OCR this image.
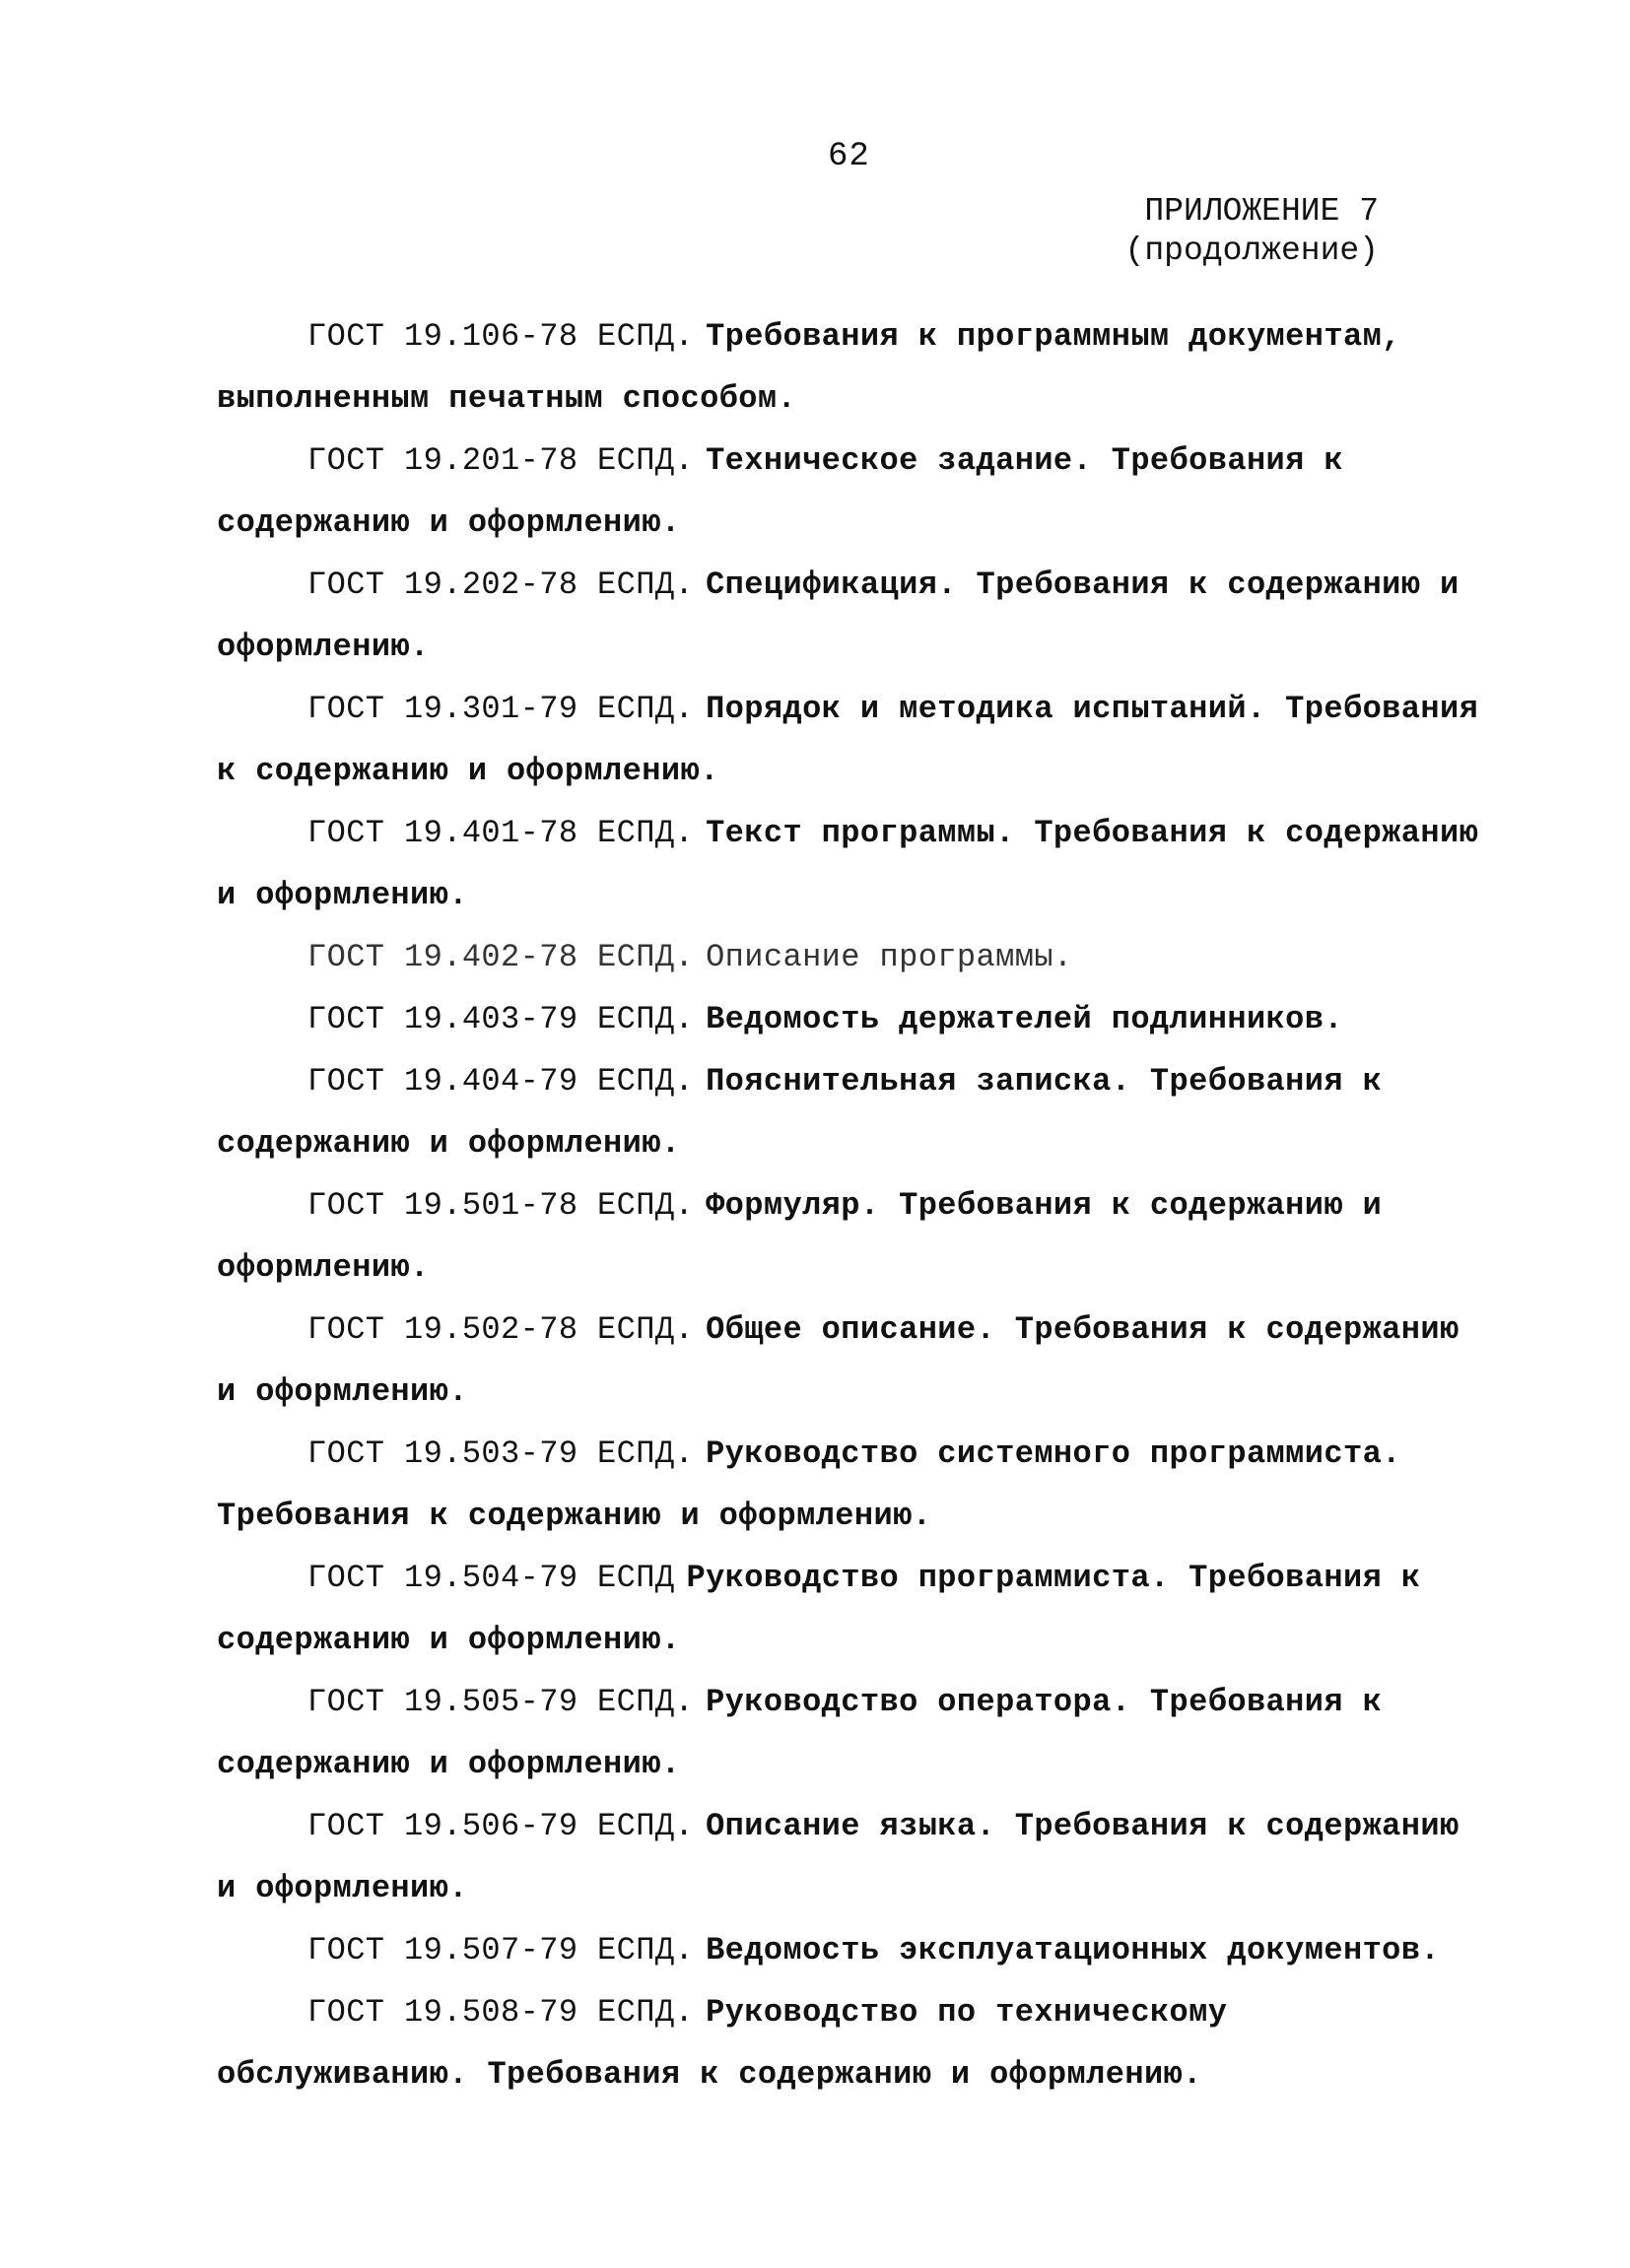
62
ПРИЛОЖЕНИЕ 7
(продолжение)

ГОСТ 19.106-78 ЕСПД. Требования к программным документам, выполненным печатным способом.

ГОСТ 19.201-78 ЕСПД. Техническое задание. Требования к содержанию и оформлению.

ГОСТ 19.202-78 ЕСПД. Спецификация. Требования к содержанию и оформлению.

ГОСТ 19.301-79 ЕСПД. Порядок и методика испытаний. Требования к содержанию и оформлению.

ГОСТ 19.401-78 ЕСПД. Текст программы. Требования к содержанию и оформлению.

ГОСТ 19.402-78 ЕСПД. Описание программы.

ГОСТ 19.403-79 ЕСПД. Ведомость держателей подлинников.

ГОСТ 19.404-79 ЕСПД. Пояснительная записка. Требования к содержанию и оформлению.

ГОСТ 19.501-78 ЕСПД. Формуляр. Требования к содержанию и оформлению.

ГОСТ 19.502-78 ЕСПД. Общее описание. Требования к содержанию и оформлению.

ГОСТ 19.503-79 ЕСПД. Руководство системного программиста. Требования к содержанию и оформлению.

ГОСТ 19.504-79 ЕСПД Руководство программиста. Требования к содержанию и оформлению.

ГОСТ 19.505-79 ЕСПД. Руководство оператора. Требования к содержанию и оформлению.

ГОСТ 19.506-79 ЕСПД. Описание языка. Требования к содержанию и оформлению.

ГОСТ 19.507-79 ЕСПД. Ведомость эксплуатационных документов.

ГОСТ 19.508-79 ЕСПД. Руководство по техническому обслуживанию. Требования к содержанию и оформлению.
